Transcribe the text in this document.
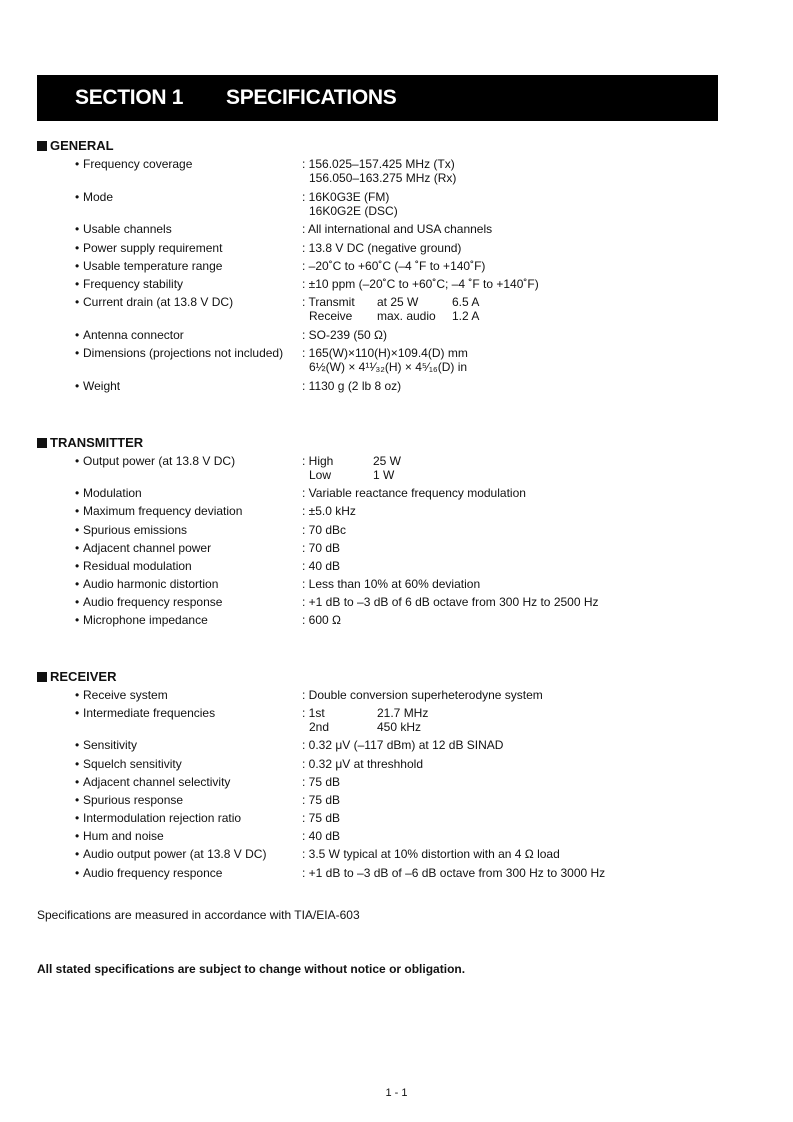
SECTION 1 SPECIFICATIONS
GENERAL
• Frequency coverage	: 156.025–157.425 MHz (Tx)
156.050–163.275 MHz (Rx)
• Mode	: 16K0G3E (FM)
16K0G2E (DSC)
• Usable channels	: All international and USA channels
• Power supply requirement	: 13.8 V DC (negative ground)
• Usable temperature range	: –20˚C to +60˚C (–4 ˚F to +140˚F)
• Frequency stability	: ±10 ppm (–20˚C to +60˚C; –4 ˚F to +140˚F)
• Current drain (at 13.8 V DC)	: Transmit at 25 W	6.5 A
Receive max. audio 1.2 A
• Antenna connector	: SO-239 (50 Ω)
• Dimensions (projections not included) : 165(W)×110(H)×109.4(D) mm
6½(W) × 4¹¹⁄₃₂(H) × 4⁵⁄₁₆(D) in
• Weight	: 1130 g (2 lb 8 oz)
TRANSMITTER
• Output power (at 13.8 V DC)	: High	25 W
Low	1 W
• Modulation	: Variable reactance frequency modulation
• Maximum frequency deviation	: ±5.0 kHz
• Spurious emissions	: 70 dBc
• Adjacent channel power	: 70 dB
• Residual modulation	: 40 dB
• Audio harmonic distortion	: Less than 10% at 60% deviation
• Audio frequency response	: +1 dB to –3 dB of 6 dB octave from 300 Hz to 2500 Hz
• Microphone impedance	: 600 Ω
RECEIVER
• Receive system	: Double conversion superheterodyne system
• Intermediate frequencies	: 1st	21.7 MHz
2nd	450 kHz
• Sensitivity	: 0.32 μV (–117 dBm) at 12 dB SINAD
• Squelch sensitivity	: 0.32 μV at threshhold
• Adjacent channel selectivity	: 75 dB
• Spurious response	: 75 dB
• Intermodulation rejection ratio	: 75 dB
• Hum and noise	: 40 dB
• Audio output power (at 13.8 V DC)	: 3.5 W typical at 10% distortion with an 4 Ω load
• Audio frequency responce	: +1 dB to –3 dB of –6 dB octave from 300 Hz to 3000 Hz
Specifications are measured in accordance with TIA/EIA-603
All stated specifications are subject to change without notice or obligation.
1 - 1
